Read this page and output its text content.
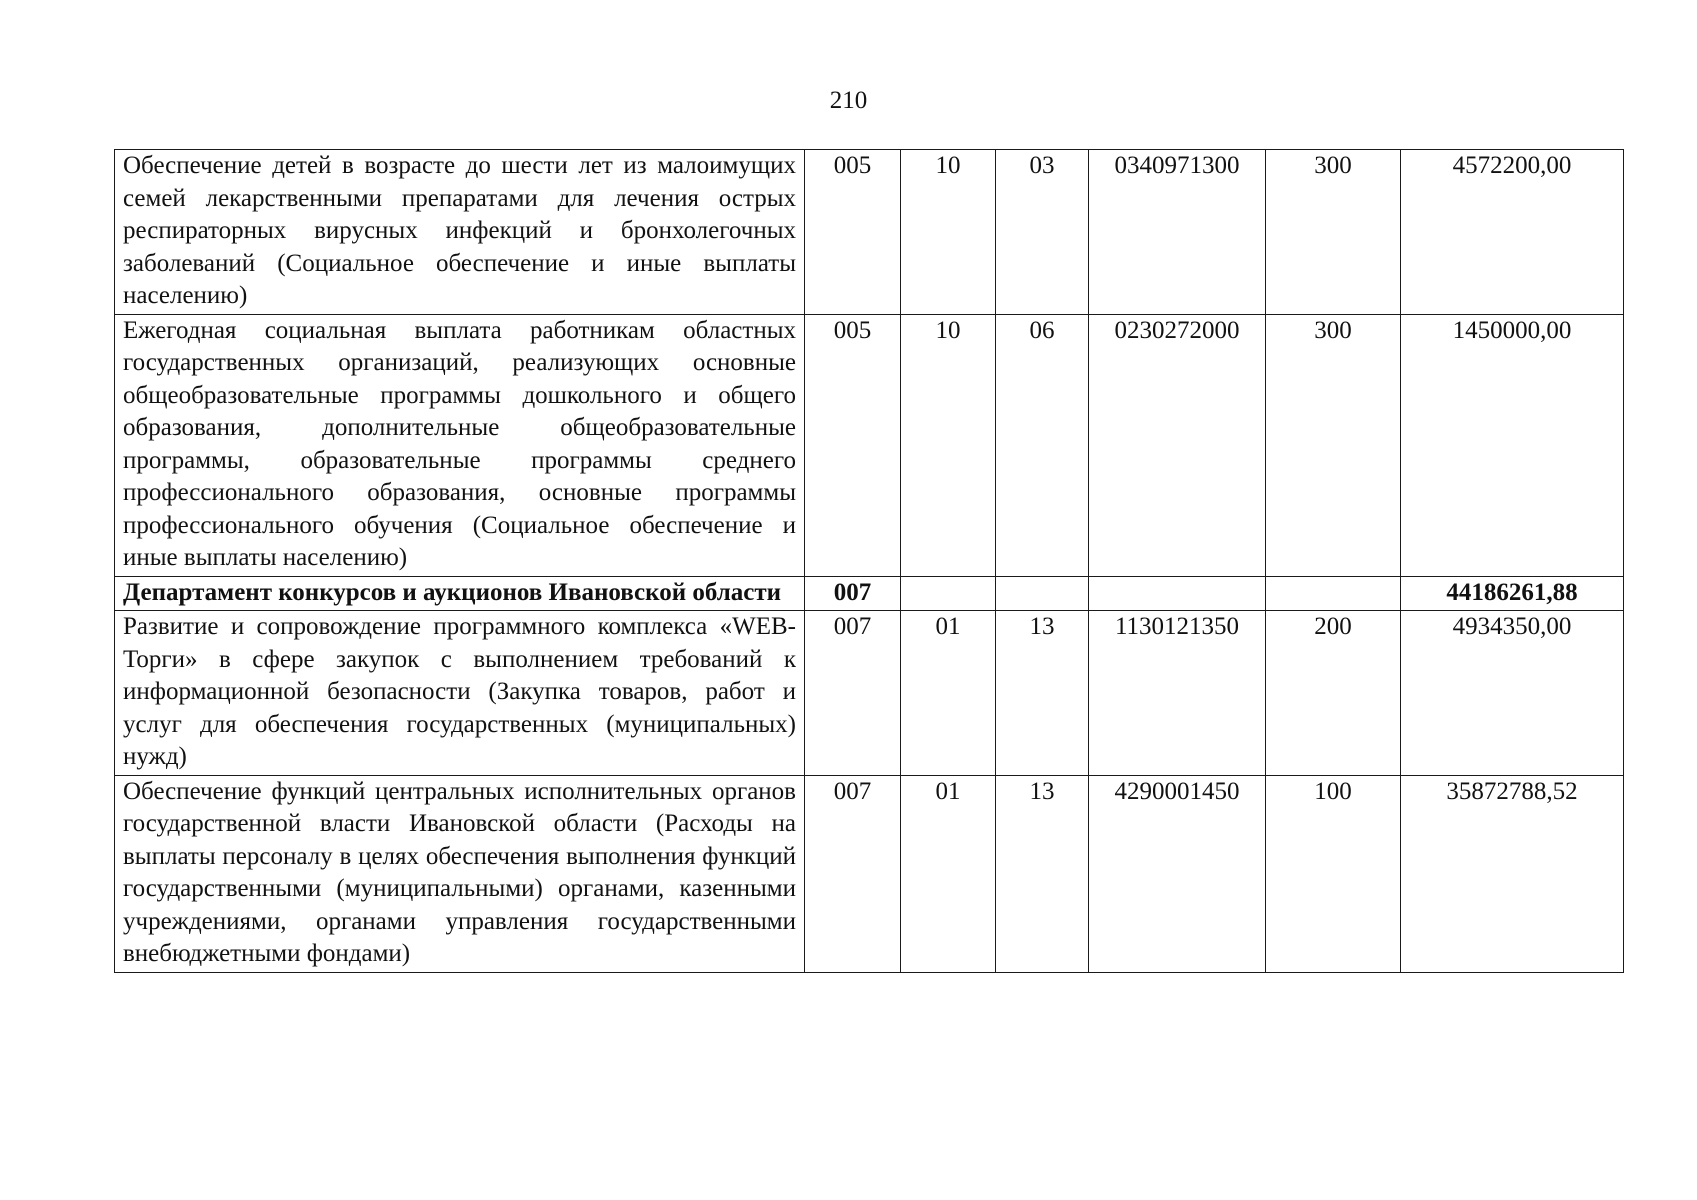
210
Обеспечение детей в возрасте до шести лет из малоимущих семей лекарственными препаратами для лечения острых респираторных вирусных инфекций и бронхолегочных заболеваний (Социальное обеспечение и иные выплаты населению)	005	10	03	0340971300	300	4572200,00
Ежегодная социальная выплата работникам областных государственных организаций, реализующих основные общеобразовательные программы дошкольного и общего образования, дополнительные общеобразовательные программы, образовательные программы среднего профессионального образования, основные программы профессионального обучения (Социальное обеспечение и иные выплаты населению)	005	10	06	0230272000	300	1450000,00
Департамент конкурсов и аукционов Ивановской области	007					44186261,88
Развитие и сопровождение программного комплекса «WEB-Торги» в сфере закупок с выполнением требований к информационной безопасности (Закупка товаров, работ и услуг для обеспечения государственных (муниципальных) нужд)	007	01	13	1130121350	200	4934350,00
Обеспечение функций центральных исполнительных органов государственной власти Ивановской области (Расходы на выплаты персоналу в целях обеспечения выполнения функций государственными (муниципальными) органами, казенными учреждениями, органами управления государственными внебюджетными фондами)	007	01	13	4290001450	100	35872788,52
